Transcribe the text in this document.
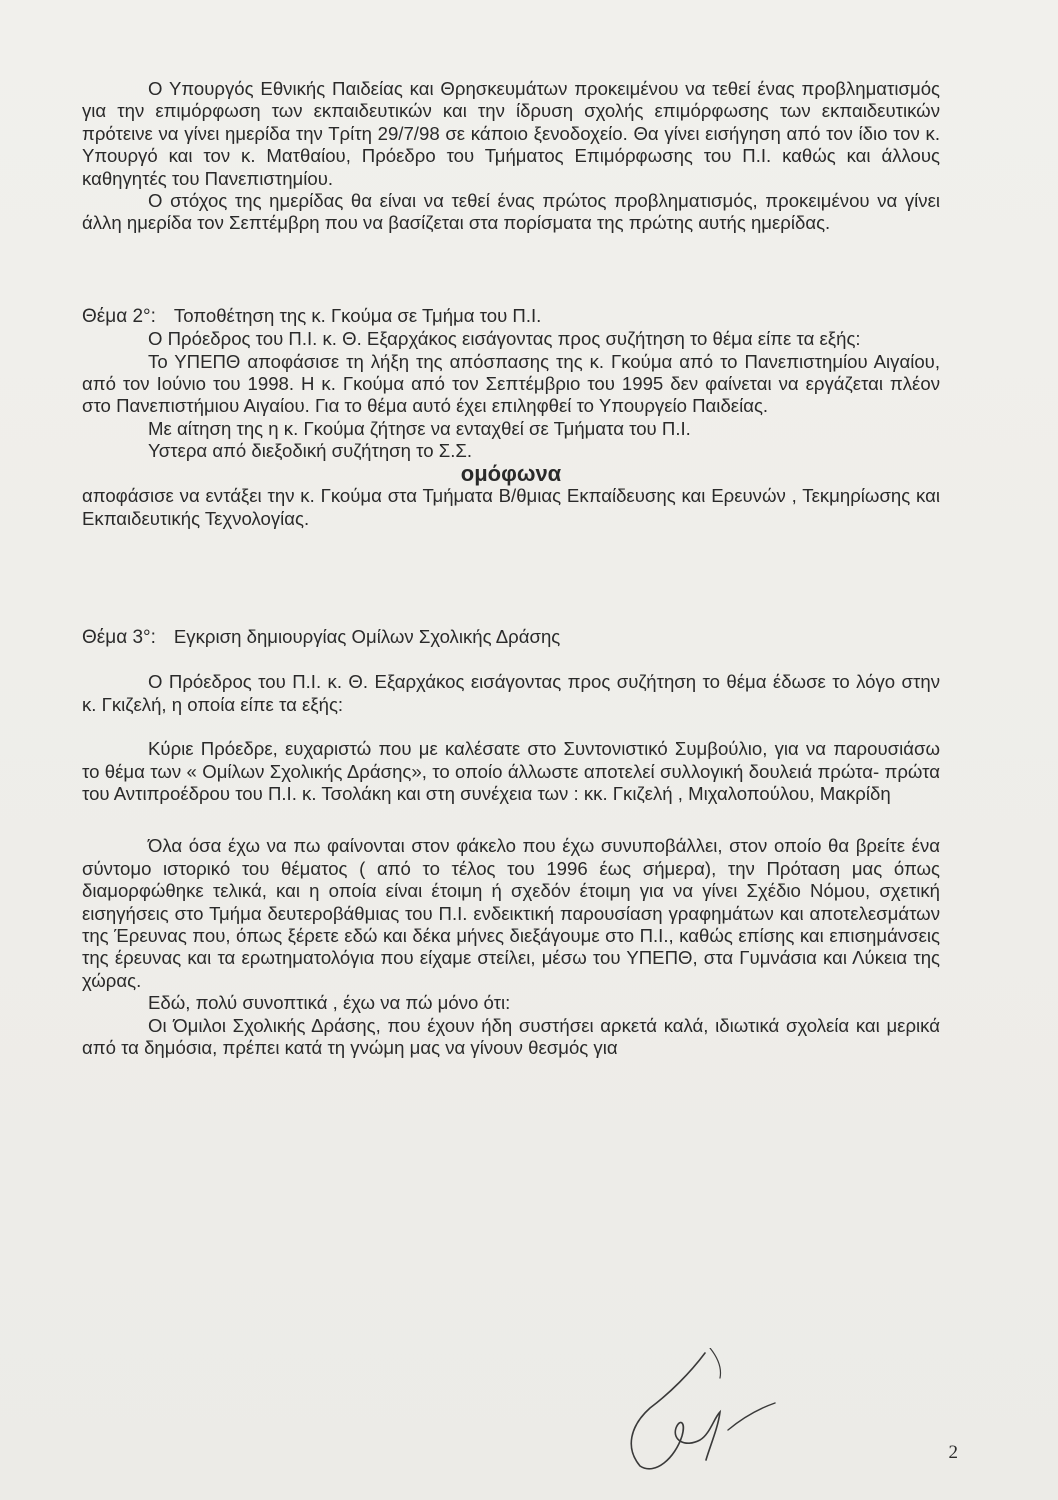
Ο Υπουργός Εθνικής Παιδείας και Θρησκευμάτων προκειμένου να τεθεί ένας προβληματισμός για την επιμόρφωση των εκπαιδευτικών και την ίδρυση σχολής επιμόρφωσης των εκπαιδευτικών πρότεινε να γίνει ημερίδα την Τρίτη 29/7/98 σε κάποιο ξενοδοχείο. Θα γίνει εισήγηση από τον ίδιο τον κ. Υπουργό και τον κ. Ματθαίου, Πρόεδρο του Τμήματος Επιμόρφωσης του Π.Ι. καθώς και άλλους καθηγητές του Πανεπιστημίου.

Ο στόχος της ημερίδας θα είναι να τεθεί ένας πρώτος προβληματισμός, προκειμένου να γίνει άλλη ημερίδα τον Σεπτέμβρη που να βασίζεται στα πορίσματα της πρώτης αυτής ημερίδας.

Θέμα 2°: Τοποθέτηση της κ. Γκούμα σε Τμήμα του Π.Ι.

Ο Πρόεδρος του Π.Ι. κ. Θ. Εξαρχάκος εισάγοντας προς συζήτηση το θέμα είπε τα εξής:

Το ΥΠΕΠΘ αποφάσισε τη λήξη της απόσπασης της κ. Γκούμα από το Πανεπιστημίου Αιγαίου, από τον Ιούνιο του 1998. Η κ. Γκούμα από τον Σεπτέμβριο του 1995 δεν φαίνεται να εργάζεται πλέον στο Πανεπιστήμιου Αιγαίου. Για το θέμα αυτό έχει επιληφθεί το Υπουργείο Παιδείας.

Με αίτηση της η κ. Γκούμα ζήτησε να ενταχθεί σε Τμήματα του Π.Ι.

Υστερα από διεξοδική συζήτηση το Σ.Σ.

ομόφωνα

αποφάσισε να εντάξει την κ. Γκούμα στα Τμήματα Β/θμιας Εκπαίδευσης και Ερευνών , Τεκμηρίωσης και Εκπαιδευτικής Τεχνολογίας.

Θέμα 3°: Εγκριση δημιουργίας Ομίλων Σχολικής Δράσης

Ο Πρόεδρος του Π.Ι. κ. Θ. Εξαρχάκος εισάγοντας προς συζήτηση το θέμα έδωσε το λόγο στην κ. Γκιζελή, η οποία είπε τα εξής:

Κύριε Πρόεδρε, ευχαριστώ που με καλέσατε στο Συντονιστικό Συμβούλιο, για να παρουσιάσω το θέμα των « Ομίλων Σχολικής Δράσης», το οποίο άλλωστε αποτελεί συλλογική δουλειά πρώτα- πρώτα του Αντιπροέδρου του Π.Ι. κ. Τσολάκη και στη συνέχεια των : κκ. Γκιζελή , Μιχαλοπούλου, Μακρίδη

Όλα όσα έχω να πω φαίνονται στον φάκελο που έχω συνυποβάλλει, στον οποίο θα βρείτε ένα σύντομο ιστορικό του θέματος ( από το τέλος του 1996 έως σήμερα), την Πρόταση μας όπως διαμορφώθηκε τελικά, και η οποία είναι έτοιμη ή σχεδόν έτοιμη για να γίνει Σχέδιο Νόμου, σχετική εισηγήσεις στο Τμήμα δευτεροβάθμιας του Π.Ι. ενδεικτική παρουσίαση γραφημάτων και αποτελεσμάτων της Έρευνας που, όπως ξέρετε εδώ και δέκα μήνες διεξάγουμε στο Π.Ι., καθώς επίσης και επισημάνσεις της έρευνας και τα ερωτηματολόγια που είχαμε στείλει, μέσω του ΥΠΕΠΘ, στα Γυμνάσια και Λύκεια της χώρας.

Εδώ, πολύ συνοπτικά , έχω να πώ μόνο ότι:

Οι Όμιλοι Σχολικής Δράσης, που έχουν ήδη συστήσει αρκετά καλά, ιδιωτικά σχολεία και μερικά από τα δημόσια, πρέπει κατά τη γνώμη μας να γίνουν θεσμός για

2
